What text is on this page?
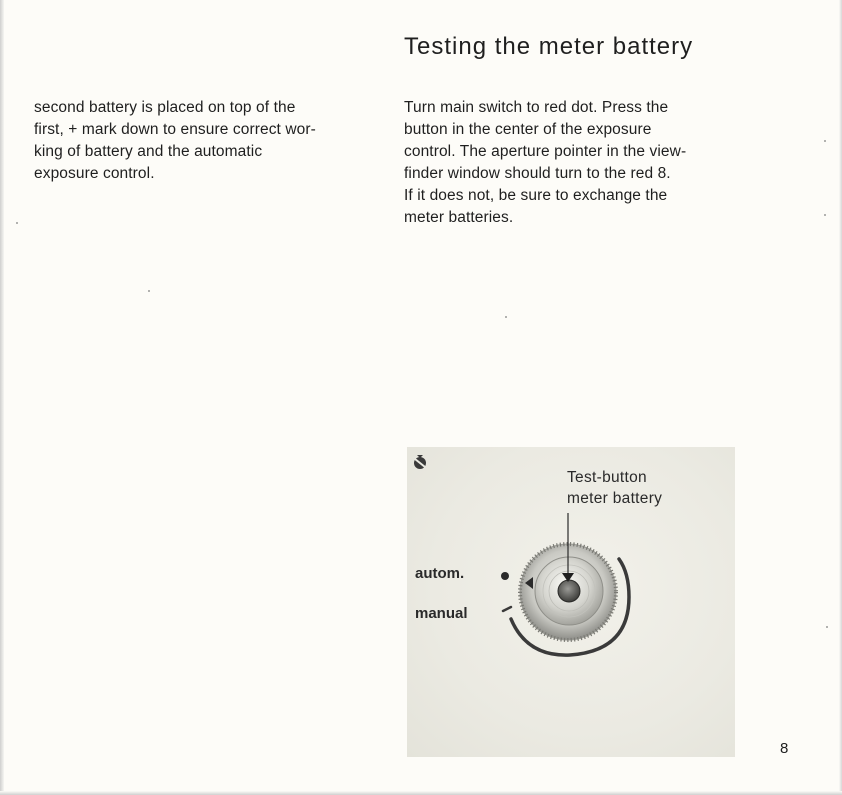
second battery is placed on top of the
first, + mark down to ensure correct wor-
king of battery and the automatic
exposure control.
Testing the meter battery
Turn main switch to red dot. Press the
button in the center of the exposure
control. The aperture pointer in the view-
finder window should turn to the red 8.
If it does not, be sure to exchange the
meter batteries.
Test-button
meter battery
autom.
manual
8
